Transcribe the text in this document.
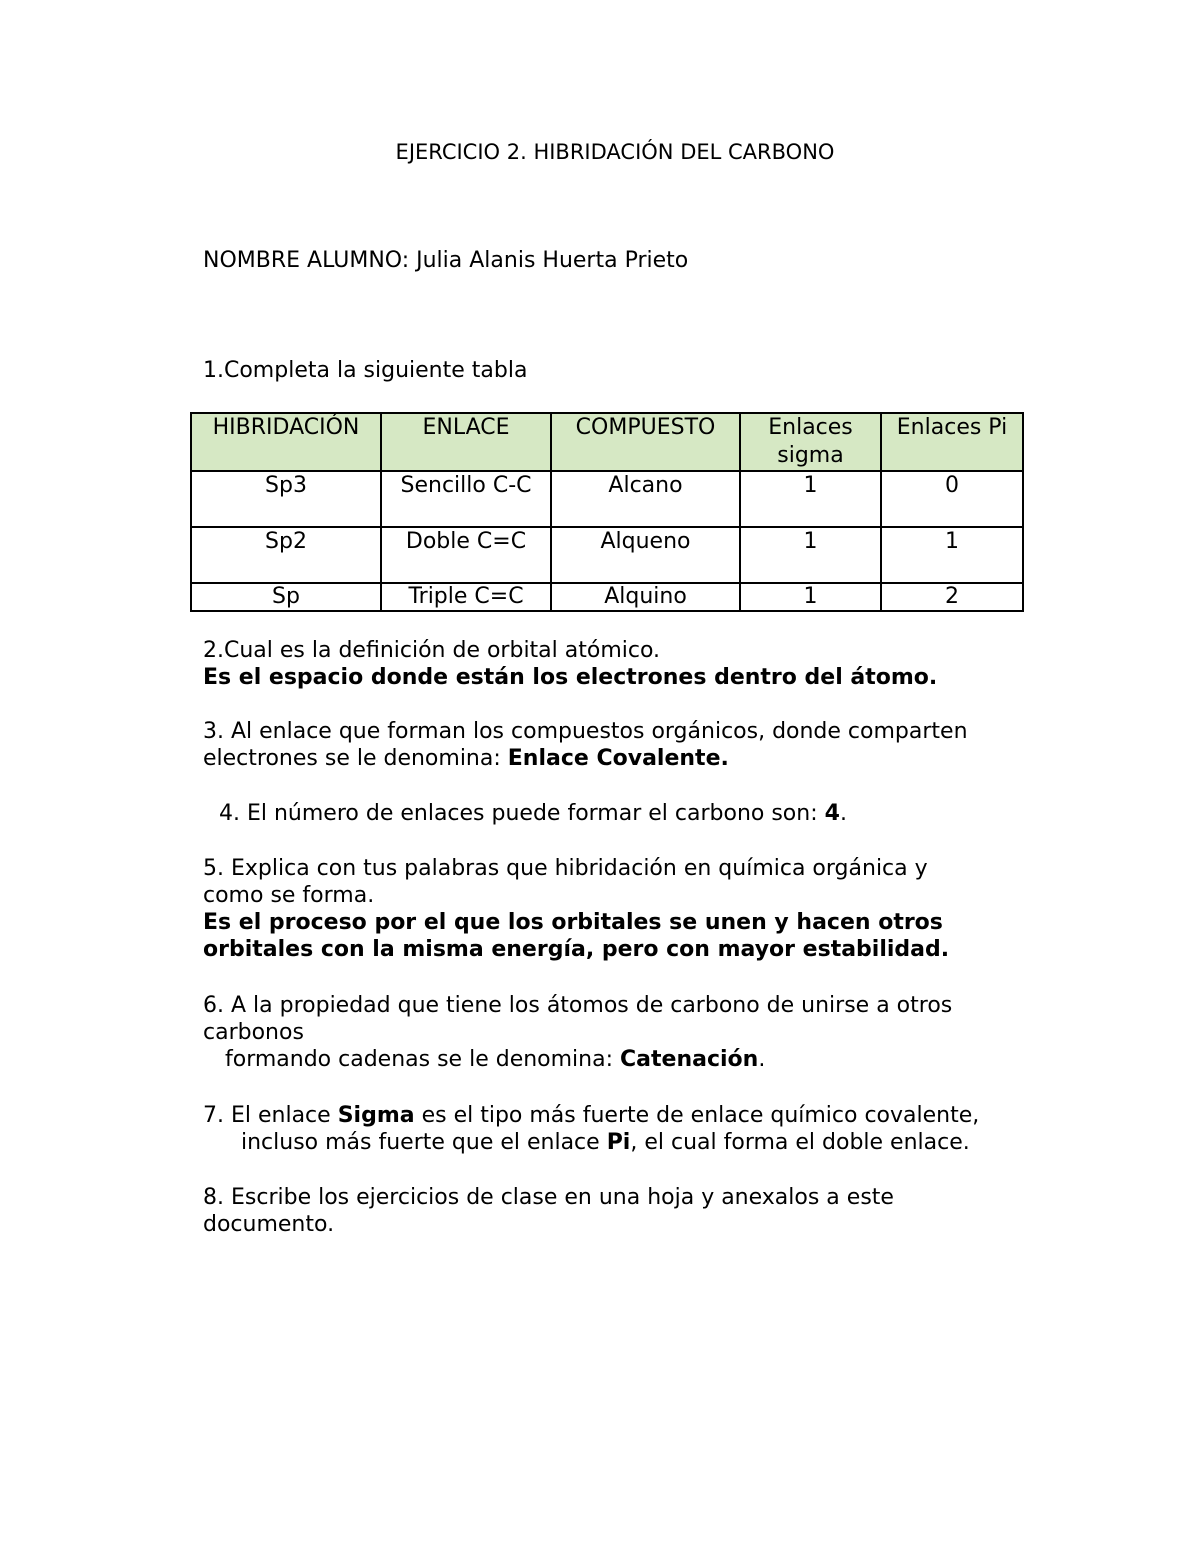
EJERCICIO 2. HIBRIDACIÓN DEL CARBONO
NOMBRE ALUMNO: Julia Alanis Huerta Prieto
1.Completa la siguiente tabla
HIBRIDACIÓN	ENLACE	COMPUESTO	Enlaces sigma	Enlaces Pi
Sp3	Sencillo C-C	Alcano	1	0
Sp2	Doble C=C	Alqueno	1	1
Sp	Triple C=C	Alquino	1	2
2.Cual es la definición de orbital atómico.
Es el espacio donde están los electrones dentro del átomo.
3. Al enlace que forman los compuestos orgánicos, donde comparten electrones se le denomina: Enlace Covalente.
4. El número de enlaces puede formar el carbono son: 4.
5. Explica con tus palabras que hibridación en química orgánica y como se forma.
Es el proceso por el que los orbitales se unen y hacen otros orbitales con la misma energía, pero con mayor estabilidad.
6. A la propiedad que tiene los átomos de carbono de unirse a otros carbonos
formando cadenas se le denomina: Catenación.
7. El enlace Sigma es el tipo más fuerte de enlace químico covalente,
incluso más fuerte que el enlace Pi, el cual forma el doble enlace.
8. Escribe los ejercicios de clase en una hoja y anexalos a este documento.
